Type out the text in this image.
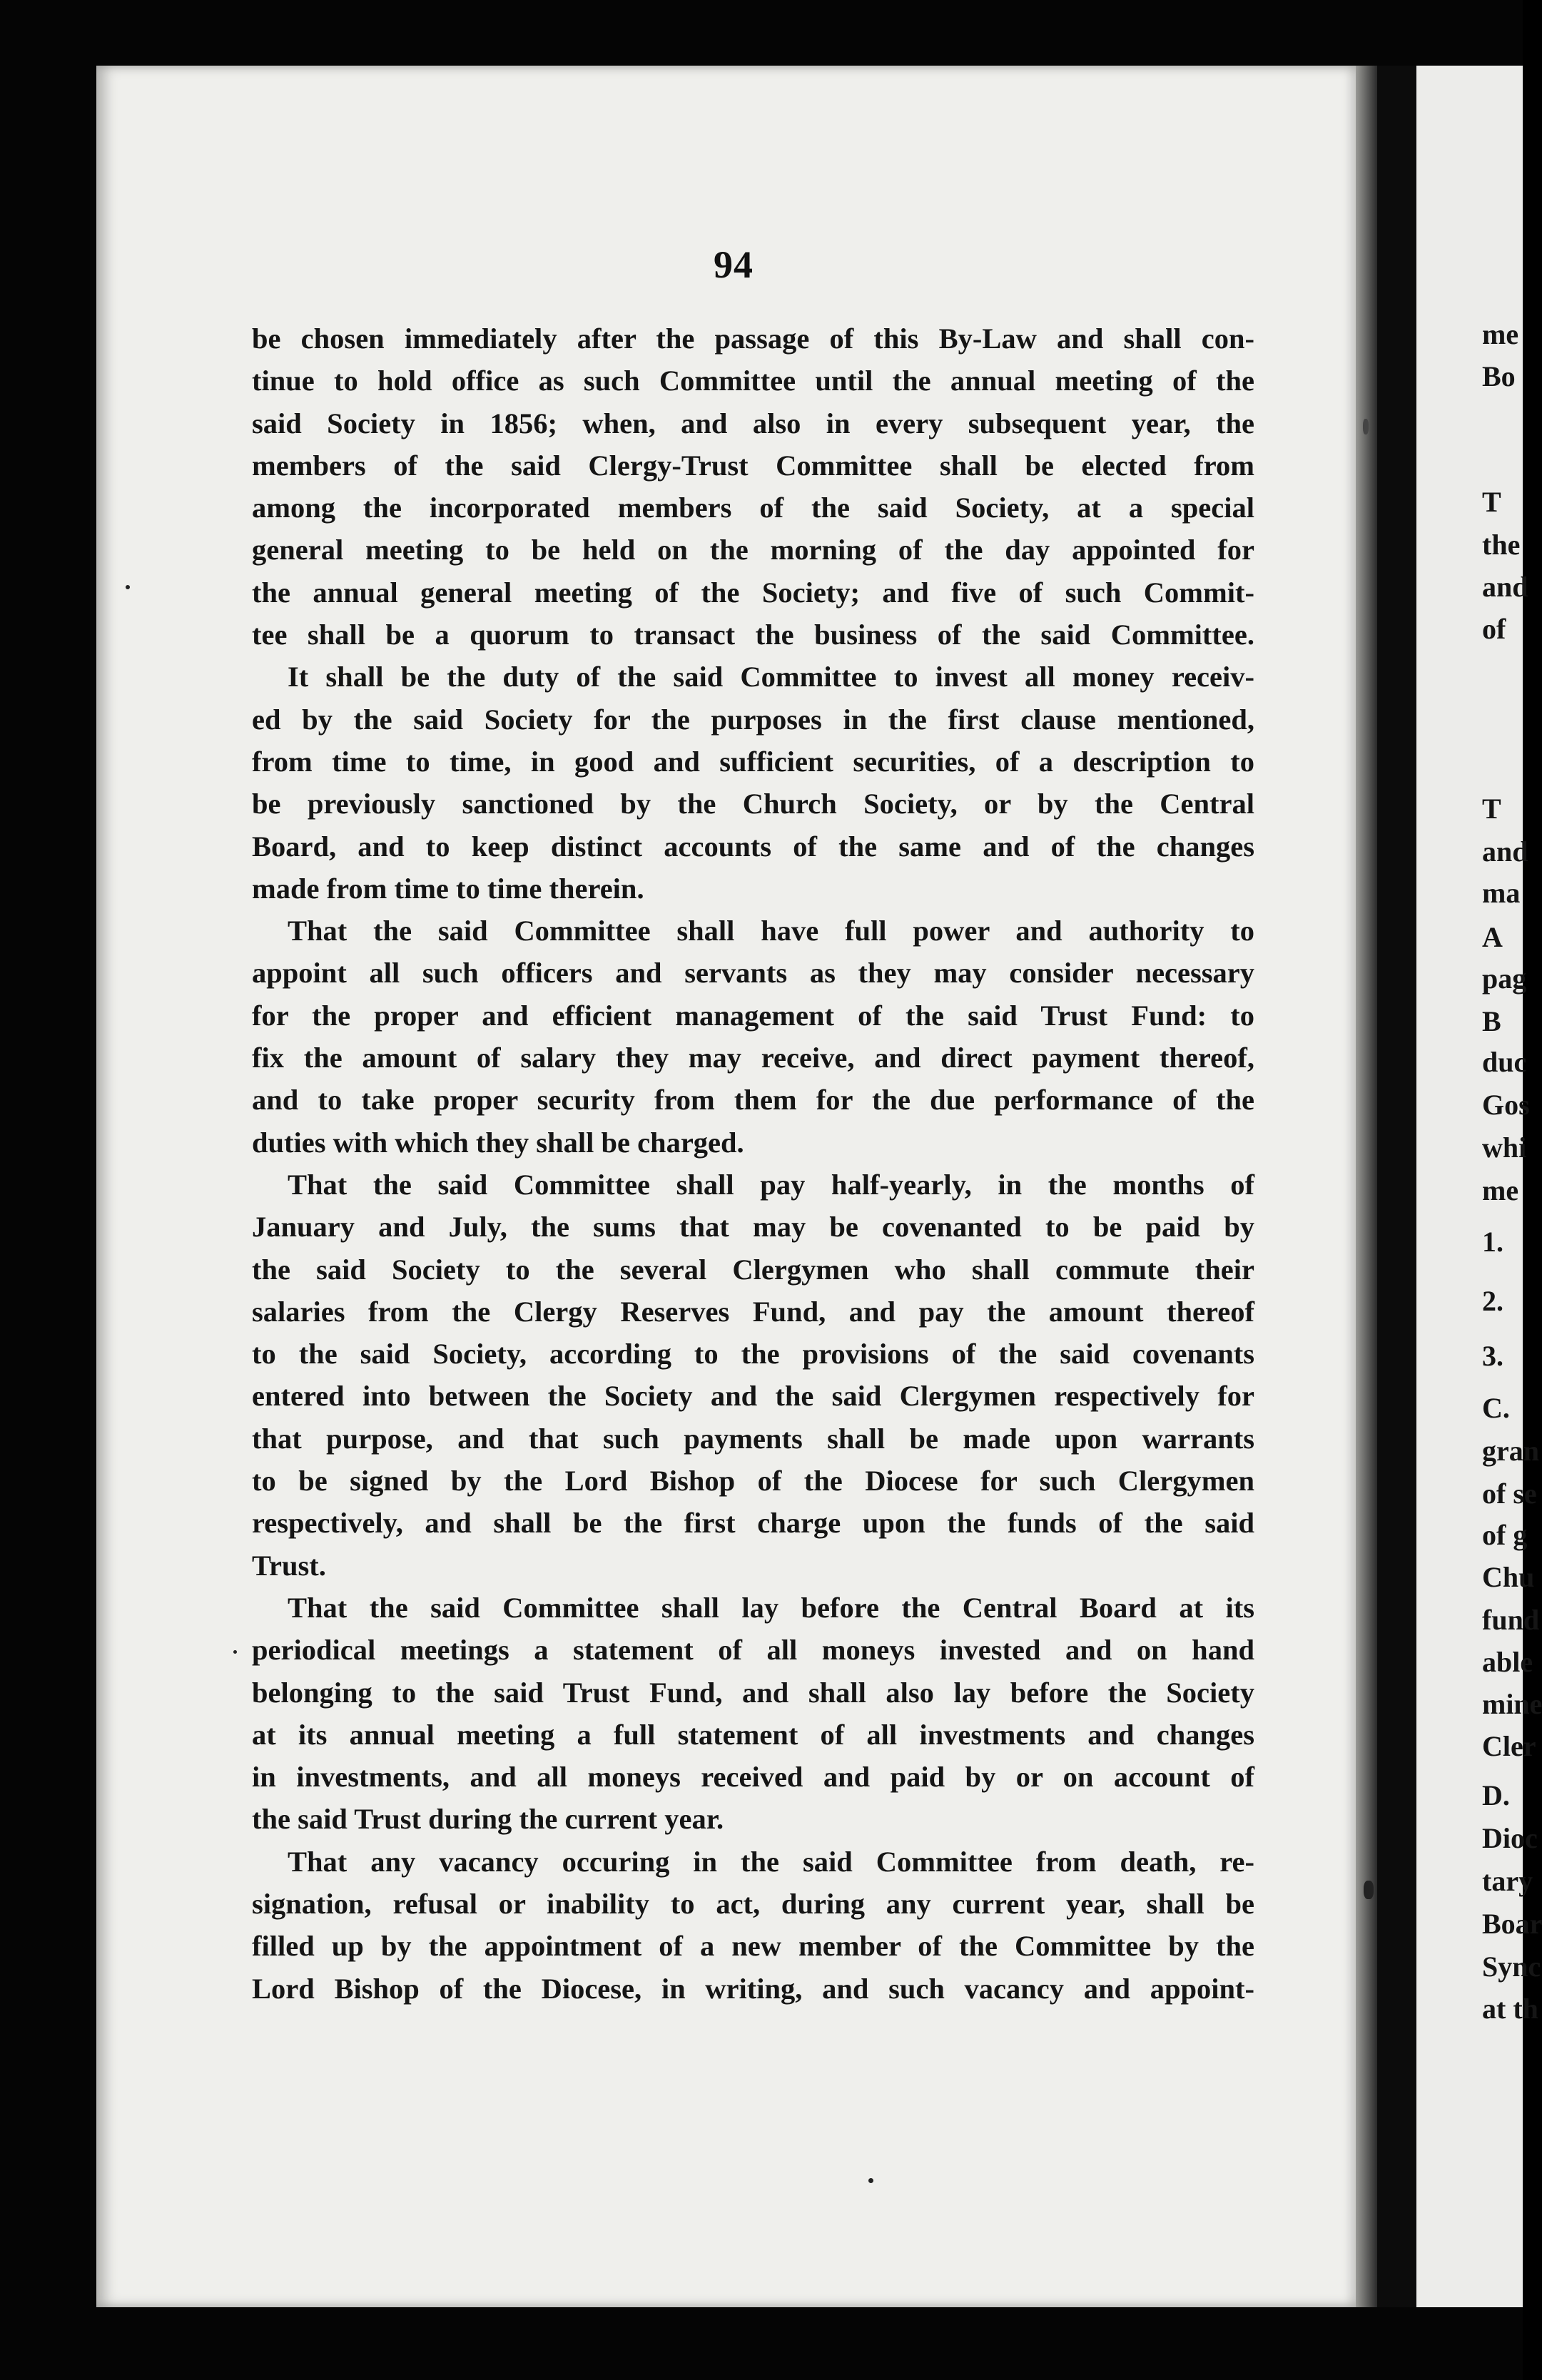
94
be chosen immediately after the passage of this By-Law and shall con-
tinue to hold office as such Committee until the annual meeting of the
said Society in 1856; when, and also in every subsequent year, the
members of the said Clergy-Trust Committee shall be elected from
among the incorporated members of the said Society, at a special
general meeting to be held on the morning of the day appointed for
the annual general meeting of the Society; and five of such Commit-
tee shall be a quorum to transact the business of the said Committee.
It shall be the duty of the said Committee to invest all money receiv-
ed by the said Society for the purposes in the first clause mentioned,
from time to time, in good and sufficient securities, of a description to
be previously sanctioned by the Church Society, or by the Central
Board, and to keep distinct accounts of the same and of the changes
made from time to time therein.
That the said Committee shall have full power and authority to
appoint all such officers and servants as they may consider necessary
for the proper and efficient management of the said Trust Fund: to
fix the amount of salary they may receive, and direct payment thereof,
and to take proper security from them for the due performance of the
duties with which they shall be charged.
That the said Committee shall pay half-yearly, in the months of
January and July, the sums that may be covenanted to be paid by
the said Society to the several Clergymen who shall commute their
salaries from the Clergy Reserves Fund, and pay the amount thereof
to the said Society, according to the provisions of the said covenants
entered into between the Society and the said Clergymen respectively for
that purpose, and that such payments shall be made upon warrants
to be signed by the Lord Bishop of the Diocese for such Clergymen
respectively, and shall be the first charge upon the funds of the said
Trust.
That the said Committee shall lay before the Central Board at its
periodical meetings a statement of all moneys invested and on hand
belonging to the said Trust Fund, and shall also lay before the Society
at its annual meeting a full statement of all investments and changes
in investments, and all moneys received and paid by or on account of
the said Trust during the current year.
That any vacancy occuring in the said Committee from death, re-
signation, refusal or inability to act, during any current year, shall be
filled up by the appointment of a new member of the Committee by the
Lord Bishop of the Diocese, in writing, and such vacancy and appoint-
me
Bo
T
the
and
of
T
and
ma
A
pag
B
duc
Gos
whi
me
1.
2.
3.
C.
gran
of se
of g
Chu
fund
able
mine
Cler
D.
Dioc
tary
Boar
Sync
at th
